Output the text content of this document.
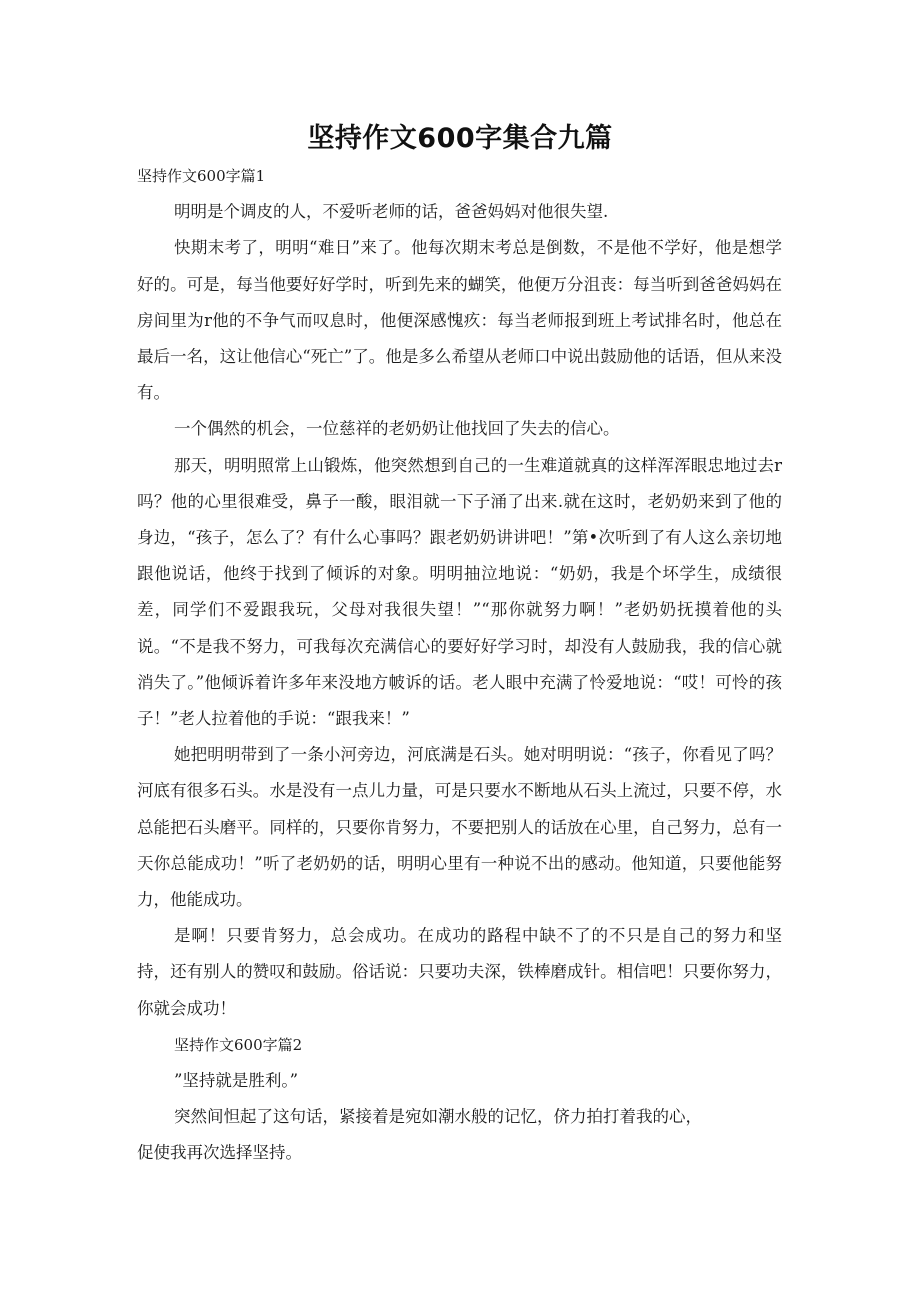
坚持作文600字集合九篇

坚持作文600字篇1

明明是个调皮的人，不爱听老师的话，爸爸妈妈对他很失望.

快期末考了，明明“难日”来了。他每次期末考总是倒数，不是他不学好，他是想学好的。可是，每当他要好好学时，听到先来的蝴笑，他便万分沮丧：每当听到爸爸妈妈在房间里为r他的不争气而叹息时，他便深感愧疚：每当老师报到班上考试排名时，他总在最后一名，这让他信心“死亡”了。他是多么希望从老师口中说出鼓励他的话语，但从来没有。

一个偶然的机会，一位慈祥的老奶奶让他找回了失去的信心。

那天，明明照常上山锻炼，他突然想到自己的一生难道就真的这样浑浑眼忠地过去r吗？他的心里很难受，鼻子一酸，眼泪就一下子涌了出来.就在这时，老奶奶来到了他的身边，“孩子，怎么了？有什么心事吗？跟老奶奶讲讲吧！”第•次听到了有人这么亲切地跟他说话，他终于找到了倾诉的对象。明明抽泣地说：“奶奶，我是个坏学生，成绩很差，同学们不爱跟我玩，父母对我很失望！”“那你就努力啊！”老奶奶抚摸着他的头说。“不是我不努力，可我每次充满信心的要好好学习时，却没有人鼓励我，我的信心就消失了。”他倾诉着许多年来没地方帔诉的话。老人眼中充满了怜爱地说：“哎！可怜的孩子！”老人拉着他的手说：“跟我来！”

她把明明带到了一条小河旁边，河底满是石头。她对明明说：“孩子，你看见了吗？河底有很多石头。水是没有一点儿力量，可是只要水不断地从石头上流过，只要不停，水总能把石头磨平。同样的，只要你肯努力，不要把别人的话放在心里，自己努力，总有一天你总能成功！”听了老奶奶的话，明明心里有一种说不出的感动。他知道，只要他能努力，他能成功。

是啊！只要肯努力，总会成功。在成功的路程中缺不了的不只是自己的努力和坚持，还有别人的赞叹和鼓励。俗话说：只要功夫深，铁棒磨成针。相信吧！只要你努力，你就会成功！

坚持作文600字篇2

”坚持就是胜利。”

突然间怛起了这句话，紧接着是宛如潮水般的记忆，侪力拍打着我的心，

促使我再次选择坚持。
